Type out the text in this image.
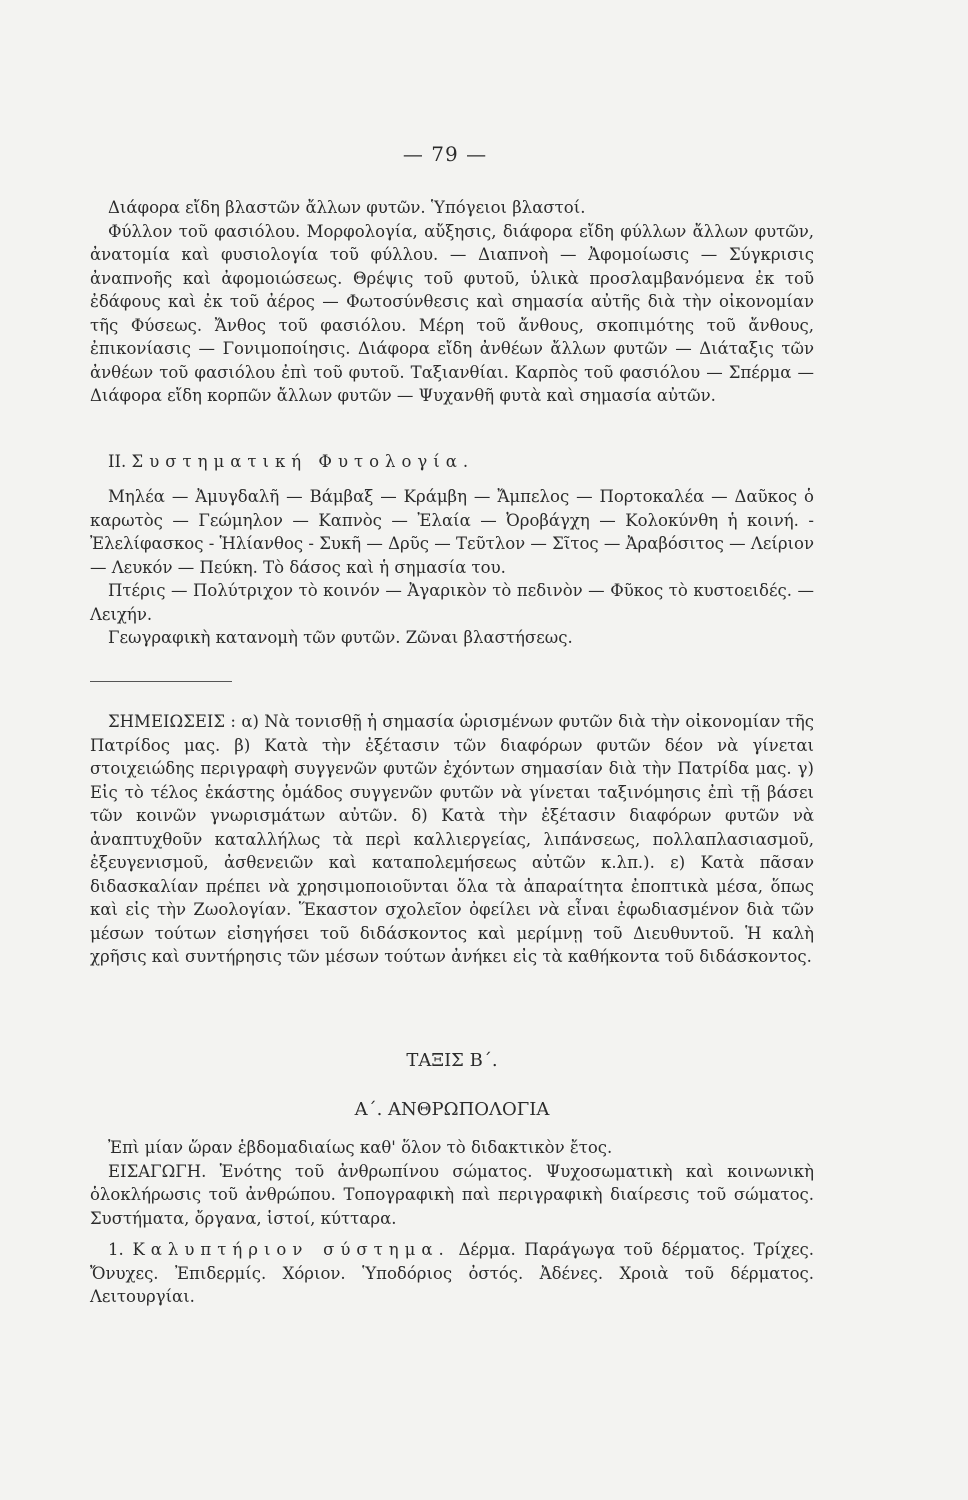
— 79 —

Διάφορα εἴδη βλαστῶν ἄλλων φυτῶν. Ὑπόγειοι βλαστοί.

Φύλλον τοῦ φασιόλου. Μορφολογία, αὔξησις, διάφορα εἴδη φύλλων ἄλλων φυτῶν, ἀνατομία καὶ φυσιολογία τοῦ φύλλου. — Διαπνοὴ — Ἀφομοίωσις — Σύγκρισις ἀναπνοῆς καὶ ἀφομοιώσεως. Θρέψις τοῦ φυτοῦ, ὑλικὰ προσλαμβανόμενα ἐκ τοῦ ἐδάφους καὶ ἐκ τοῦ ἀέρος — Φωτοσύνθεσις καὶ σημασία αὐτῆς διὰ τὴν οἰκονομίαν τῆς Φύσεως. Ἄνθος τοῦ φασιόλου. Μέρη τοῦ ἄνθους, σκοπιμότης τοῦ ἄνθους, ἐπικονίασις — Γονιμοποίησις. Διάφορα εἴδη ἀνθέων ἄλλων φυτῶν — Διάταξις τῶν ἀνθέων τοῦ φασιόλου ἐπὶ τοῦ φυτοῦ. Ταξιανθίαι. Καρπὸς τοῦ φασιόλου — Σπέρμα — Διάφορα εἴδη κορπῶν ἄλλων φυτῶν — Ψυχανθῆ φυτὰ καὶ σημασία αὐτῶν.

ΙΙ. Συστηματική Φυτολογία.

Μηλέα — Ἀμυγδαλῆ — Βάμβαξ — Κράμβη — Ἄμπελος — Πορτοκαλέα — Δαῦκος ὁ καρωτὸς — Γεώμηλον — Καπνὸς — Ἐλαία — Ὀροβάγχη — Κολοκύνθη ἡ κοινή. - Ἐλελίφασκος - Ἡλίανθος - Συκῆ — Δρῦς — Τεῦτλον — Σῖτος — Ἀραβόσιτος — Λείριον — Λευκόν — Πεύκη. Τὸ δάσος καὶ ἡ σημασία του.

Πτέρις — Πολύτριχον τὸ κοινόν — Ἀγαρικὸν τὸ πεδινὸν — Φῦκος τὸ κυστοειδές. — Λειχήν.

Γεωγραφικὴ κατανομὴ τῶν φυτῶν. Ζῶναι βλαστήσεως.

ΣΗΜΕΙΩΣΕΙΣ : α) Νὰ τονισθῇ ἡ σημασία ὡρισμένων φυτῶν διὰ τὴν οἰκονομίαν τῆς Πατρίδος μας. β) Κατὰ τὴν ἐξέτασιν τῶν διαφόρων φυτῶν δέον νὰ γίνεται στοιχειώδης περιγραφὴ συγγενῶν φυτῶν ἐχόντων σημασίαν διὰ τὴν Πατρίδα μας. γ) Εἰς τὸ τέλος ἑκάστης ὁμάδος συγγενῶν φυτῶν νὰ γίνεται ταξινόμησις ἐπὶ τῇ βάσει τῶν κοινῶν γνωρισμάτων αὐτῶν. δ) Κατὰ τὴν ἐξέτασιν διαφόρων φυτῶν νὰ ἀναπτυχθοῦν καταλλήλως τὰ περὶ καλλιεργείας, λιπάνσεως, πολλαπλασιασμοῦ, ἐξευγενισμοῦ, ἀσθενειῶν καὶ καταπολεμήσεως αὐτῶν κ.λπ.). ε) Κατὰ πᾶσαν διδασκαλίαν πρέπει νὰ χρησιμοποιοῦνται ὅλα τὰ ἀπαραίτητα ἐποπτικὰ μέσα, ὅπως καὶ εἰς τὴν Ζωολογίαν. Ἕκαστον σχολεῖον ὀφείλει νὰ εἶναι ἐφωδιασμένον διὰ τῶν μέσων τούτων εἰσηγήσει τοῦ διδάσκοντος καὶ μερίμνῃ τοῦ Διευθυντοῦ. Ἡ καλὴ χρῆσις καὶ συντήρησις τῶν μέσων τούτων ἀνήκει εἰς τὰ καθήκοντα τοῦ διδάσκοντος.

ΤΑΞΙΣ Β΄.
Α΄. ΑΝΘΡΩΠΟΛΟΓΙΑ

Ἐπὶ μίαν ὥραν ἑβδομαδιαίως καθ' ὅλον τὸ διδακτικὸν ἔτος.

ΕΙΣΑΓΩΓΗ. Ἑνότης τοῦ ἀνθρωπίνου σώματος. Ψυχοσωματικὴ καὶ κοινωνικὴ ὁλοκλήρωσις τοῦ ἀνθρώπου. Τοπογραφικὴ παὶ περιγραφικὴ διαίρεσις τοῦ σώματος. Συστήματα, ὄργανα, ἱστοί, κύτταρα.

1. Καλυπτήριον σύστημα. Δέρμα. Παράγωγα τοῦ δέρματος. Τρίχες. Ὄνυχες. Ἐπιδερμίς. Χόριον. Ὑποδόριος ὀστός. Ἀδένες. Χροιὰ τοῦ δέρματος. Λειτουργίαι.
